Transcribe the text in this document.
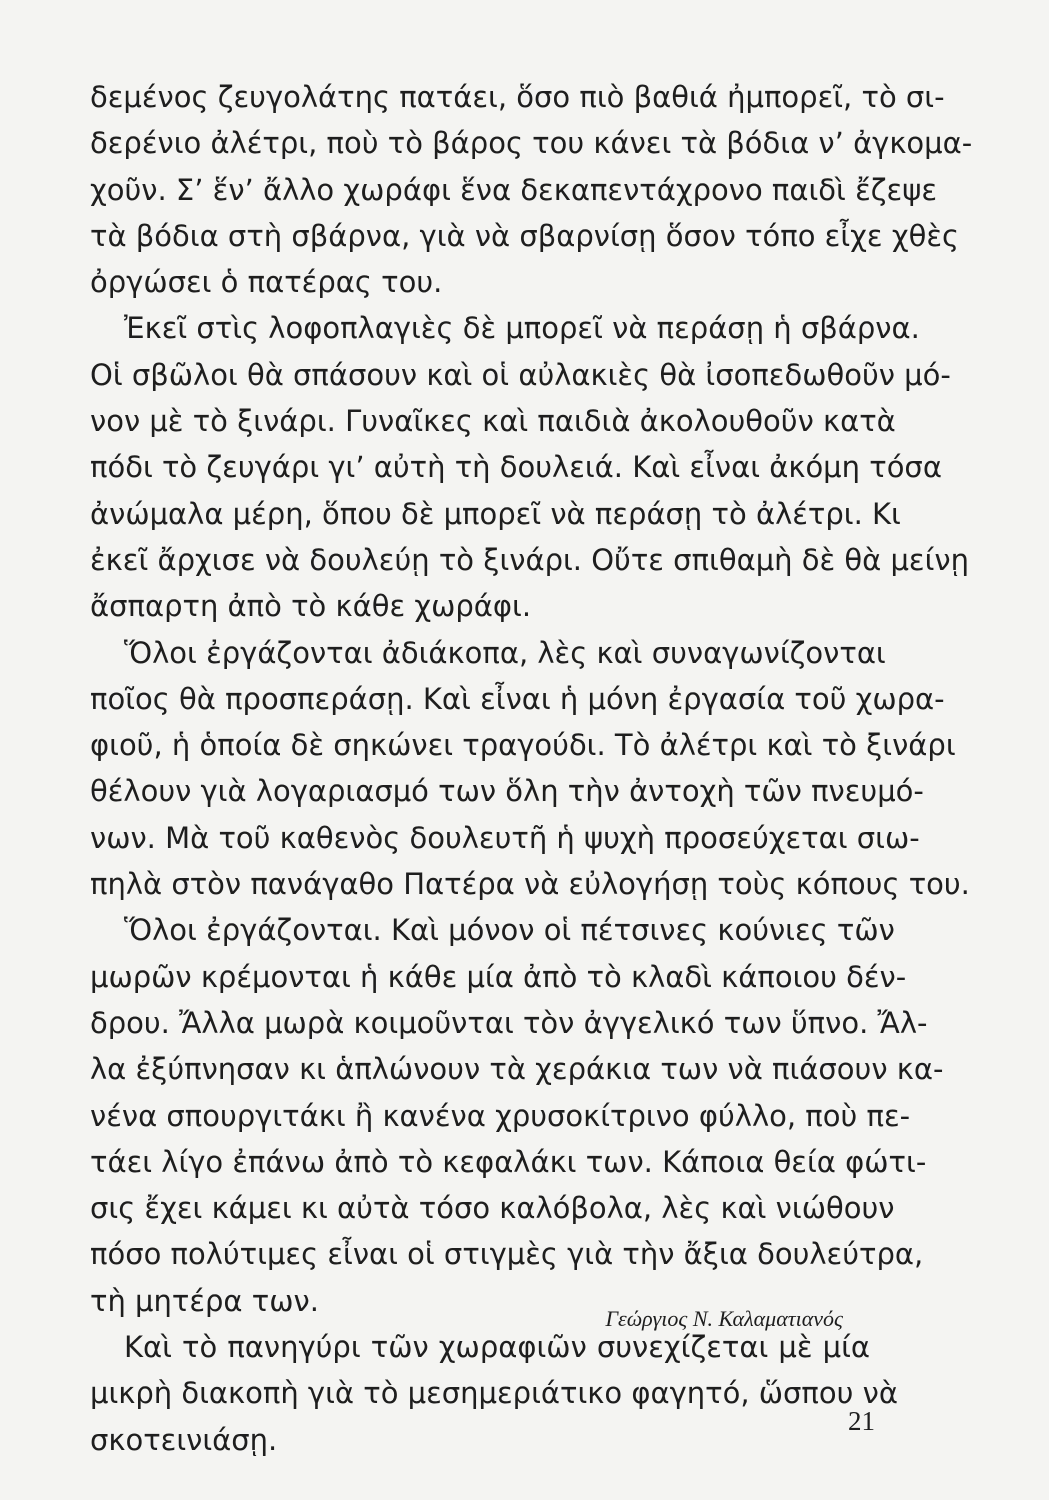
δεμένος ζευγολάτης πατάει, ὅσο πιὸ βαθιά ἠμπορεῖ, τὸ σι-
δερένιο ἀλέτρι, ποὺ τὸ βάρος του κάνει τὰ βόδια ν’ ἀγκομα-
χοῦν. Σ’ ἕν’ ἄλλο χωράφι ἕνα δεκαπεντάχρονο παιδὶ ἔζεψε
τὰ βόδια στὴ σβάρνα, γιὰ νὰ σβαρνίσῃ ὅσον τόπο εἶχε χθὲς
ὀργώσει ὁ πατέρας του.
Ἐκεῖ στὶς λοφοπλαγιὲς δὲ μπορεῖ νὰ περάσῃ ἡ σβάρνα.
Οἱ σβῶλοι θὰ σπάσουν καὶ οἱ αὐλακιὲς θὰ ἰσοπεδωθοῦν μό-
νον μὲ τὸ ξινάρι. Γυναῖκες καὶ παιδιὰ ἀκολουθοῦν κατὰ
πόδι τὸ ζευγάρι γι’ αὐτὴ τὴ δουλειά. Καὶ εἶναι ἀκόμη τόσα
ἀνώμαλα μέρη, ὅπου δὲ μπορεῖ νὰ περάσῃ τὸ ἀλέτρι. Κι
ἐκεῖ ἄρχισε νὰ δουλεύῃ τὸ ξινάρι. Οὔτε σπιθαμὴ δὲ θὰ μείνῃ
ἄσπαρτη ἀπὸ τὸ κάθε χωράφι.
Ὅλοι ἐργάζονται ἀδιάκοπα, λὲς καὶ συναγωνίζονται
ποῖος θὰ προσπεράσῃ. Καὶ εἶναι ἡ μόνη ἐργασία τοῦ χωρα-
φιοῦ, ἡ ὁποία δὲ σηκώνει τραγούδι. Τὸ ἀλέτρι καὶ τὸ ξινάρι
θέλουν γιὰ λογαριασμό των ὅλη τὴν ἀντοχὴ τῶν πνευμό-
νων. Μὰ τοῦ καθενὸς δουλευτῆ ἡ ψυχὴ προσεύχεται σιω-
πηλὰ στὸν πανάγαθο Πατέρα νὰ εὐλογήσῃ τοὺς κόπους του.
Ὅλοι ἐργάζονται. Καὶ μόνον οἱ πέτσινες κούνιες τῶν
μωρῶν κρέμονται ἡ κάθε μία ἀπὸ τὸ κλαδὶ κάποιου δέν-
δρου. Ἄλλα μωρὰ κοιμοῦνται τὸν ἀγγελικό των ὕπνο. Ἄλ-
λα ἐξύπνησαν κι ἁπλώνουν τὰ χεράκια των νὰ πιάσουν κα-
νένα σπουργιτάκι ἢ κανένα χρυσοκίτρινο φύλλο, ποὺ πε-
τάει λίγο ἐπάνω ἀπὸ τὸ κεφαλάκι των. Κάποια θεία φώτι-
σις ἔχει κάμει κι αὐτὰ τόσο καλόβολα, λὲς καὶ νιώθουν
πόσο πολύτιμες εἶναι οἱ στιγμὲς γιὰ τὴν ἄξια δουλεύτρα,
τὴ μητέρα των.
Καὶ τὸ πανηγύρι τῶν χωραφιῶν συνεχίζεται μὲ μία
μικρὴ διακοπὴ γιὰ τὸ μεσημεριάτικο φαγητό, ὥσπου νὰ
σκοτεινιάσῃ.
Γεώργιος Ν. Καλαματιανός
21
